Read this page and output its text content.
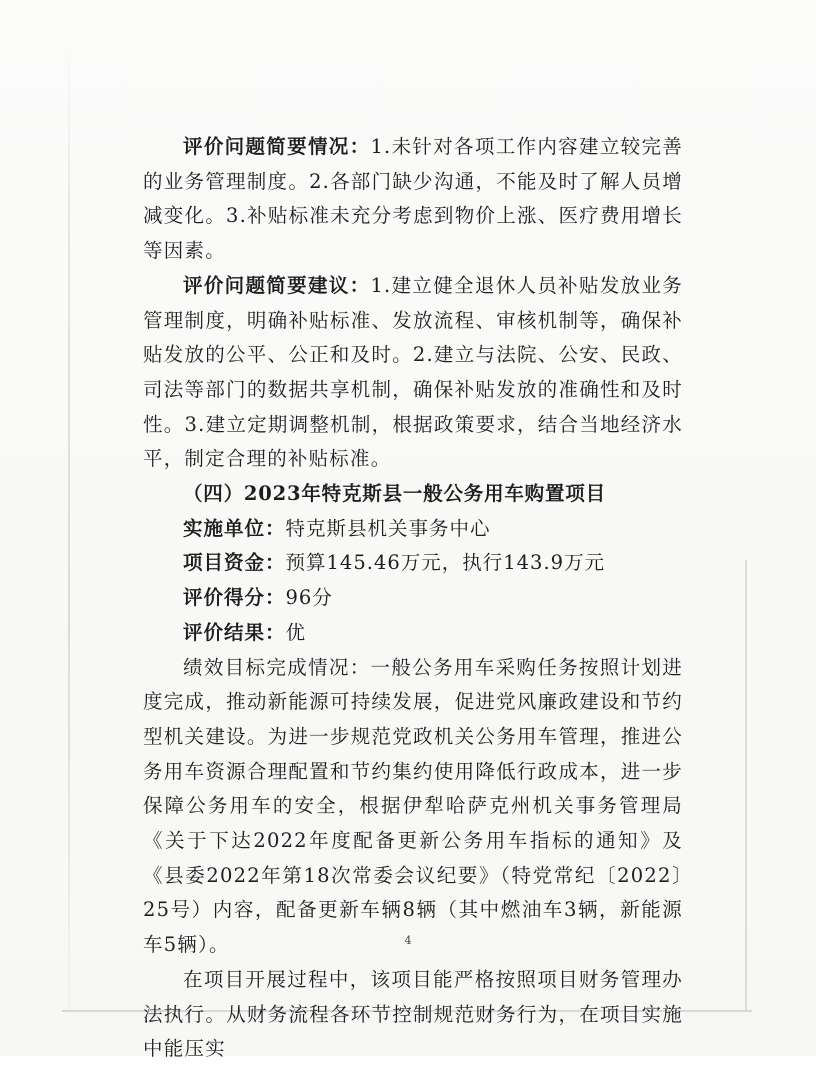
评价问题简要情况：1.未针对各项工作内容建立较完善的业务管理制度。2.各部门缺少沟通，不能及时了解人员增减变化。3.补贴标准未充分考虑到物价上涨、医疗费用增长等因素。

评价问题简要建议：1.建立健全退休人员补贴发放业务管理制度，明确补贴标准、发放流程、审核机制等，确保补贴发放的公平、公正和及时。2.建立与法院、公安、民政、司法等部门的数据共享机制，确保补贴发放的准确性和及时性。3.建立定期调整机制，根据政策要求，结合当地经济水平，制定合理的补贴标准。

（四）2023年特克斯县一般公务用车购置项目

实施单位：特克斯县机关事务中心

项目资金：预算145.46万元，执行143.9万元

评价得分：96分

评价结果：优

绩效目标完成情况：一般公务用车采购任务按照计划进度完成，推动新能源可持续发展，促进党风廉政建设和节约型机关建设。为进一步规范党政机关公务用车管理，推进公务用车资源合理配置和节约集约使用降低行政成本，进一步保障公务用车的安全，根据伊犁哈萨克州机关事务管理局《关于下达2022年度配备更新公务用车指标的通知》及《县委2022年第18次常委会议纪要》（特党常纪〔2022〕25号）内容，配备更新车辆8辆（其中燃油车3辆，新能源车5辆）。

在项目开展过程中，该项目能严格按照项目财务管理办法执行。从财务流程各环节控制规范财务行为，在项目实施中能压实

4
